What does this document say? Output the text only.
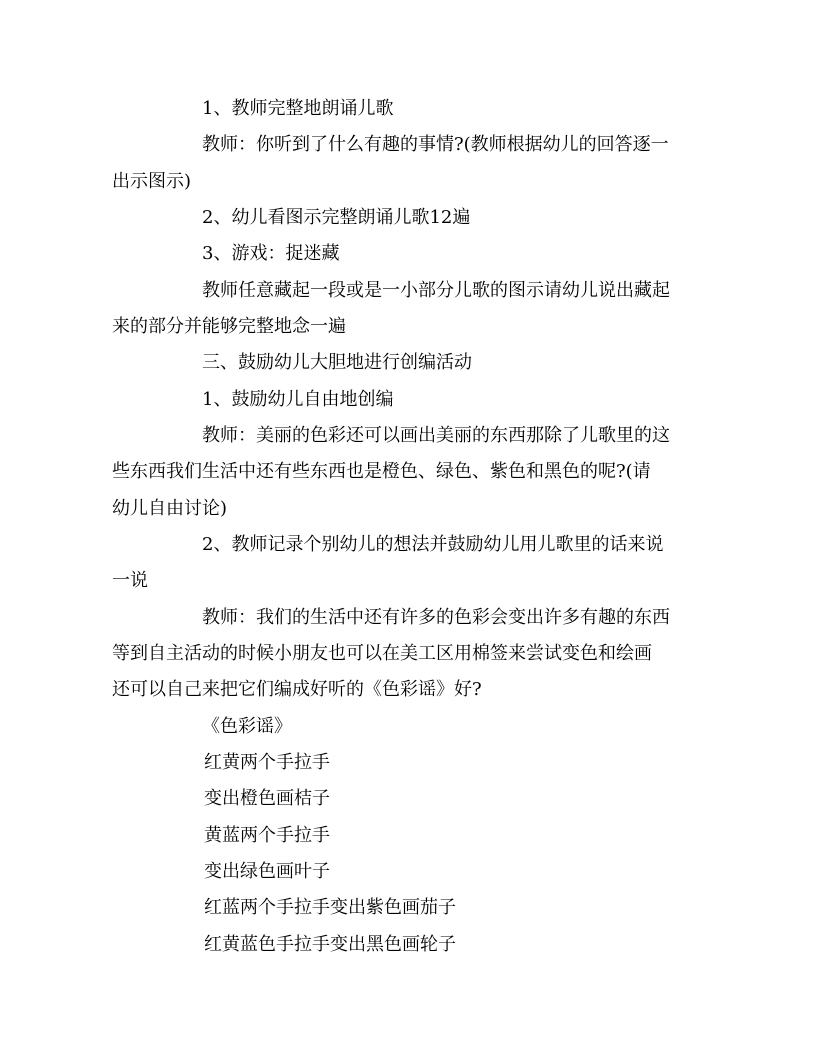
1、教师完整地朗诵儿歌
教师：你听到了什么有趣的事情?(教师根据幼儿的回答逐一
出示图示)
2、幼儿看图示完整朗诵儿歌12遍
3、游戏：捉迷藏
教师任意藏起一段或是一小部分儿歌的图示请幼儿说出藏起
来的部分并能够完整地念一遍
三、鼓励幼儿大胆地进行创编活动
1、鼓励幼儿自由地创编
教师：美丽的色彩还可以画出美丽的东西那除了儿歌里的这
些东西我们生活中还有些东西也是橙色、绿色、紫色和黑色的呢?(请
幼儿自由讨论)
2、教师记录个别幼儿的想法并鼓励幼儿用儿歌里的话来说
一说
教师：我们的生活中还有许多的色彩会变出许多有趣的东西
等到自主活动的时候小朋友也可以在美工区用棉签来尝试变色和绘画
还可以自己来把它们编成好听的《色彩谣》好?
《色彩谣》
红黄两个手拉手
变出橙色画桔子
黄蓝两个手拉手
变出绿色画叶子
红蓝两个手拉手变出紫色画茄子
红黄蓝色手拉手变出黑色画轮子
